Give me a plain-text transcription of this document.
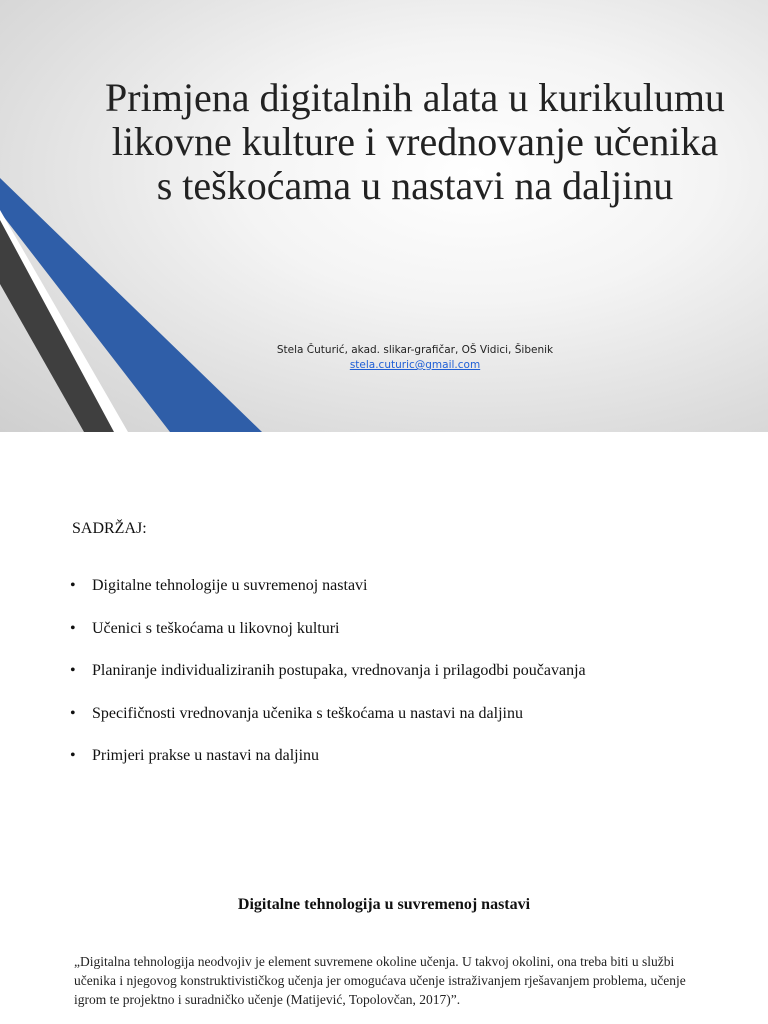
Primjena digitalnih alata u kurikulumu likovne kulture i vrednovanje učenika s teškoćama u nastavi na daljinu
Stela Čuturić, akad. slikar-grafičar, OŠ Vidici, Šibenik
stela.cuturic@gmail.com
SADRŽAJ:
• Digitalne tehnologije u suvremenoj nastavi
• Učenici s teškoćama u likovnoj kulturi
• Planiranje individualiziranih postupaka, vrednovanja i prilagodbi poučavanja
• Specifičnosti vrednovanja učenika s teškoćama u nastavi na daljinu
• Primjeri prakse u nastavi na daljinu
Digitalne tehnologija u suvremenoj nastavi
„Digitalna tehnologija neodvojiv je element suvremene okoline učenja. U takvoj okolini, ona treba biti u službi učenika i njegovog konstruktivističkog učenja jer omogućava učenje istraživanjem rješavanjem problema, učenje igrom te projektno i suradničko učenje (Matijević, Topolovčan, 2017)”.
